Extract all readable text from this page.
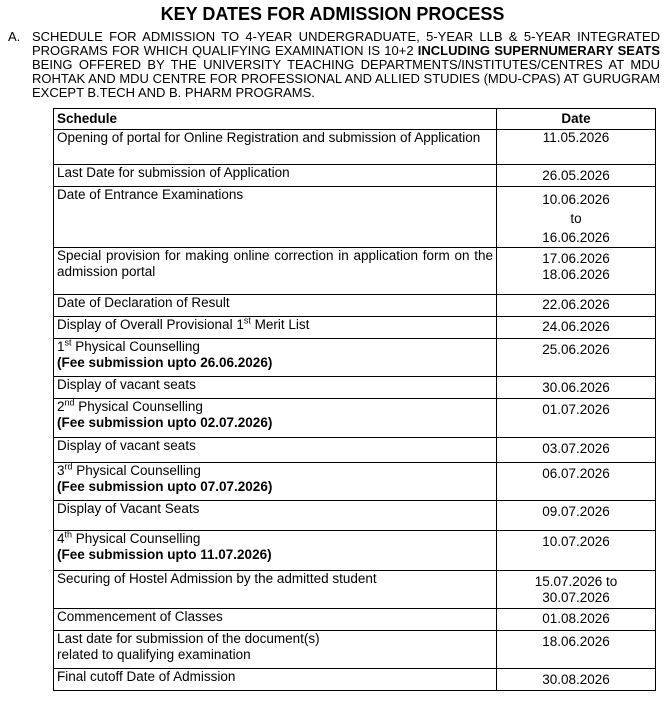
KEY DATES FOR ADMISSION PROCESS
A. SCHEDULE FOR ADMISSION TO 4-YEAR UNDERGRADUATE, 5-YEAR LLB & 5-YEAR INTEGRATED PROGRAMS FOR WHICH QUALIFYING EXAMINATION IS 10+2 INCLUDING SUPERNUMERARY SEATS BEING OFFERED BY THE UNIVERSITY TEACHING DEPARTMENTS/INSTITUTES/CENTRES AT MDU ROHTAK AND MDU CENTRE FOR PROFESSIONAL AND ALLIED STUDIES (MDU-CPAS) AT GURUGRAM EXCEPT B.TECH AND B. PHARM PROGRAMS.
Schedule	Date
Opening of portal for Online Registration and submission of Application	11.05.2026

Last Date for submission of Application	26.05.2026

Date of Entrance Examinations	10.06.2026
to
16.06.2026

Special provision for making online correction in application form on the admission portal	17.06.2026
18.06.2026

Date of Declaration of Result	22.06.2026

Display of Overall Provisional 1st Merit List	24.06.2026

1st Physical Counselling
(Fee submission upto 26.06.2026)	25.06.2026

Display of vacant seats	30.06.2026

2nd Physical Counselling
(Fee submission upto 02.07.2026)	01.07.2026

Display of vacant seats	03.07.2026

3rd Physical Counselling
(Fee submission upto 07.07.2026)	06.07.2026

Display of Vacant Seats	09.07.2026

4th Physical Counselling
(Fee submission upto 11.07.2026)	10.07.2026

Securing of Hostel Admission by the admitted student	15.07.2026 to
30.07.2026

Commencement of Classes	01.08.2026

Last date for submission of the document(s)
related to qualifying examination	18.06.2026

Final cutoff Date of Admission	30.08.2026
